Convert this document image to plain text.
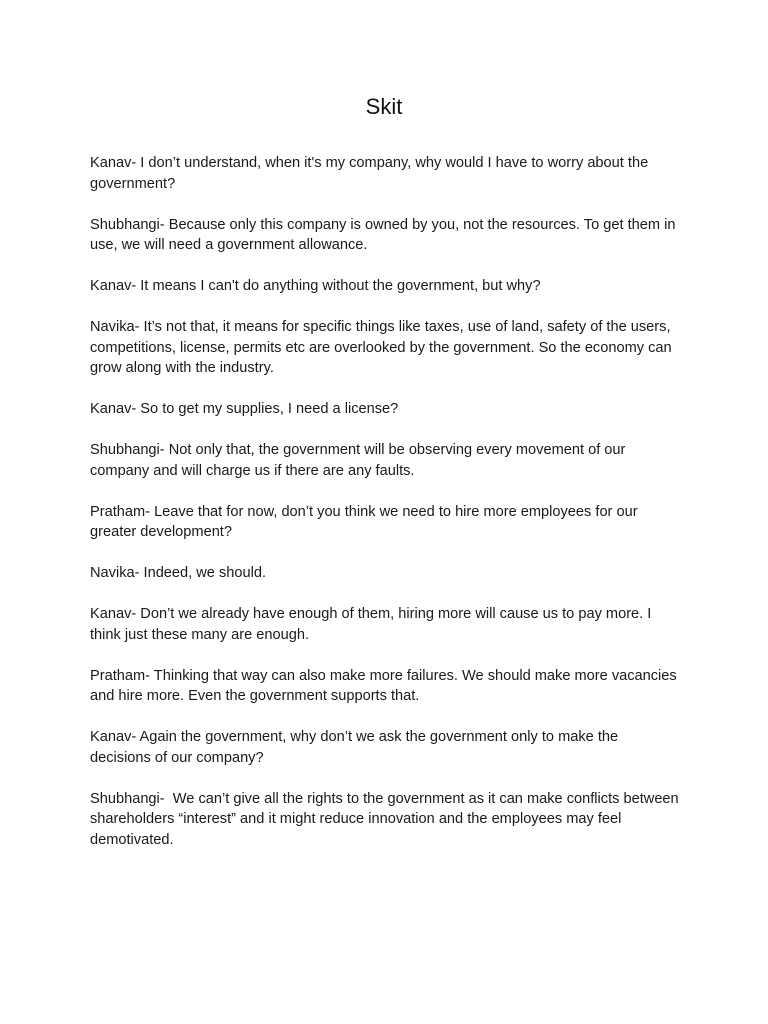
Skit

Kanav- I don’t understand, when it's my company, why would I have to worry about the government?

Shubhangi- Because only this company is owned by you, not the resources. To get them in use, we will need a government allowance.

Kanav- It means I can't do anything without the government, but why?

Navika- It’s not that, it means for specific things like taxes, use of land, safety of the users, competitions, license, permits etc are overlooked by the government. So the economy can grow along with the industry.

Kanav- So to get my supplies, I need a license?

Shubhangi- Not only that, the government will be observing every movement of our company and will charge us if there are any faults.

Pratham- Leave that for now, don’t you think we need to hire more employees for our greater development?

Navika- Indeed, we should.

Kanav- Don’t we already have enough of them, hiring more will cause us to pay more. I think just these many are enough.

Pratham- Thinking that way can also make more failures. We should make more vacancies and hire more. Even the government supports that.

Kanav- Again the government, why don’t we ask the government only to make the decisions of our company?

Shubhangi-  We can’t give all the rights to the government as it can make conflicts between shareholders “interest” and it might reduce innovation and the employees may feel demotivated.
